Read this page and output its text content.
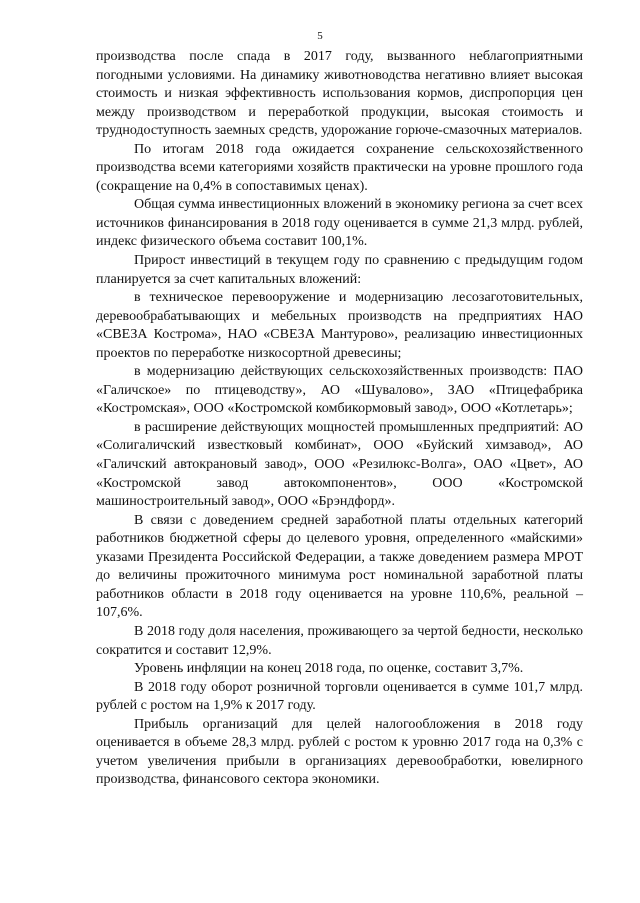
5

производства после спада в 2017 году, вызванного неблагоприятными погодными условиями. На динамику животноводства негативно влияет высокая стоимость и низкая эффективность использования кормов, диспропорция цен между производством и переработкой продукции, высокая стоимость и труднодоступность заемных средств, удорожание горюче-смазочных материалов.

По итогам 2018 года ожидается сохранение сельскохозяйственного производства всеми категориями хозяйств практически на уровне прошлого года (сокращение на 0,4% в сопоставимых ценах).

Общая сумма инвестиционных вложений в экономику региона за счет всех источников финансирования в 2018 году оценивается в сумме 21,3 млрд. рублей, индекс физического объема составит 100,1%.

Прирост инвестиций в текущем году по сравнению с предыдущим годом планируется за счет капитальных вложений:

в техническое перевооружение и модернизацию лесозаготовительных, деревообрабатывающих и мебельных производств на предприятиях НАО «СВЕЗА Кострома», НАО «СВЕЗА Мантурово», реализацию инвестиционных проектов по переработке низкосортной древесины;

в модернизацию действующих сельскохозяйственных производств: ПАО «Галичское» по птицеводству», АО «Шувалово», ЗАО «Птицефабрика «Костромская», ООО «Костромской комбикормовый завод», ООО «Котлетарь»;

в расширение действующих мощностей промышленных предприятий: АО «Солигаличский известковый комбинат», ООО «Буйский химзавод», АО «Галичский автокрановый завод», ООО «Резилюкс-Волга», ОАО «Цвет», АО «Костромской завод автокомпонентов», ООО «Костромской машиностроительный завод», ООО «Брэндфорд».

В связи с доведением средней заработной платы отдельных категорий работников бюджетной сферы до целевого уровня, определенного «майскими» указами Президента Российской Федерации, а также доведением размера МРОТ до величины прожиточного минимума рост номинальной заработной платы работников области в 2018 году оценивается на уровне 110,6%, реальной – 107,6%.

В 2018 году доля населения, проживающего за чертой бедности, несколько сократится и составит 12,9%.

Уровень инфляции на конец 2018 года, по оценке, составит 3,7%.

В 2018 году оборот розничной торговли оценивается в сумме 101,7 млрд. рублей с ростом на 1,9% к 2017 году.

Прибыль организаций для целей налогообложения в 2018 году оценивается в объеме 28,3 млрд. рублей с ростом к уровню 2017 года на 0,3% с учетом увеличения прибыли в организациях деревообработки, ювелирного производства, финансового сектора экономики.
